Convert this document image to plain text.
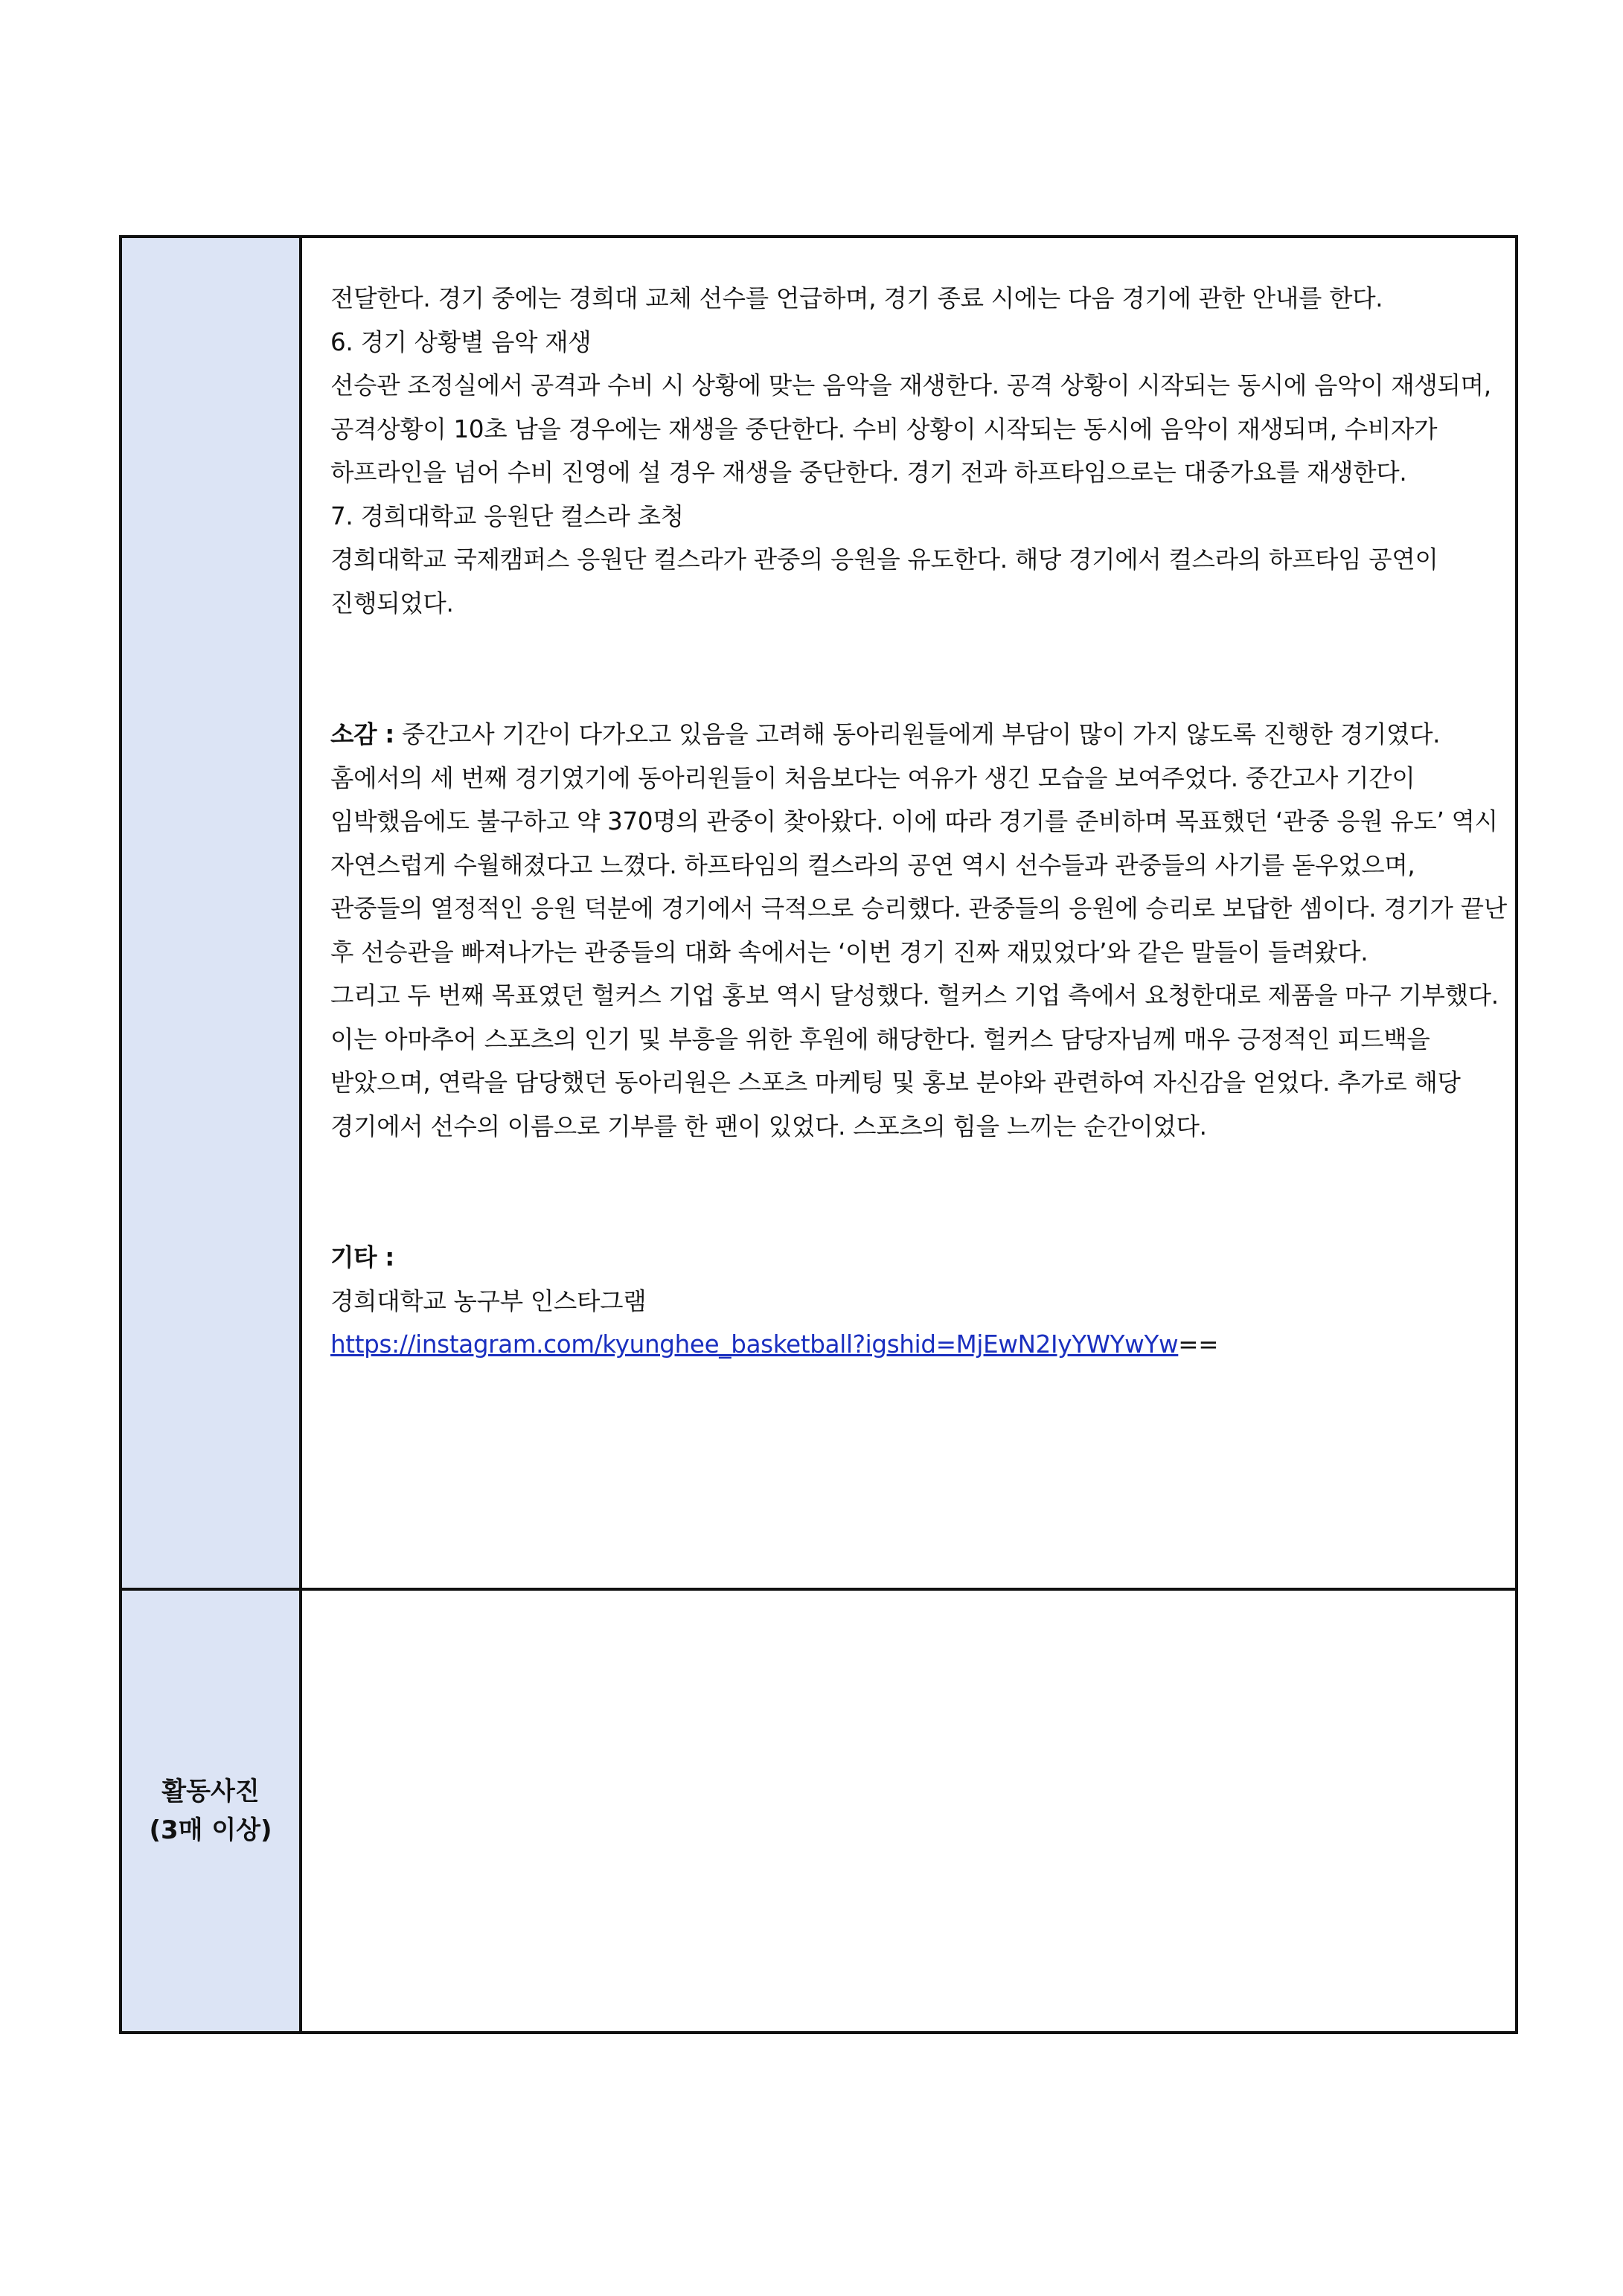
전달한다. 경기 중에는 경희대 교체 선수를 언급하며, 경기 종료 시에는 다음 경기에 관한 안내를 한다.

6. 경기 상황별 음악 재생

선승관 조정실에서 공격과 수비 시 상황에 맞는 음악을 재생한다. 공격 상황이 시작되는 동시에 음악이 재생되며, 공격상황이 10초 남을 경우에는 재생을 중단한다. 수비 상황이 시작되는 동시에 음악이 재생되며, 수비자가 하프라인을 넘어 수비 진영에 설 경우 재생을 중단한다. 경기 전과 하프타임으로는 대중가요를 재생한다.

7. 경희대학교 응원단 컬스라 초청

경희대학교 국제캠퍼스 응원단 컬스라가 관중의 응원을 유도한다. 해당 경기에서 컬스라의 하프타임 공연이 진행되었다.

소감 : 중간고사 기간이 다가오고 있음을 고려해 동아리원들에게 부담이 많이 가지 않도록 진행한 경기였다. 홈에서의 세 번째 경기였기에 동아리원들이 처음보다는 여유가 생긴 모습을 보여주었다. 중간고사 기간이 임박했음에도 불구하고 약 370명의 관중이 찾아왔다. 이에 따라 경기를 준비하며 목표했던 ‘관중 응원 유도’ 역시 자연스럽게 수월해졌다고 느꼈다. 하프타임의 컬스라의 공연 역시 선수들과 관중들의 사기를 돋우었으며, 관중들의 열정적인 응원 덕분에 경기에서 극적으로 승리했다. 관중들의 응원에 승리로 보답한 셈이다. 경기가 끝난 후 선승관을 빠져나가는 관중들의 대화 속에서는 ‘이번 경기 진짜 재밌었다’와 같은 말들이 들려왔다.

그리고 두 번째 목표였던 헐커스 기업 홍보 역시 달성했다. 헐커스 기업 측에서 요청한대로 제품을 마구 기부했다. 이는 아마추어 스포츠의 인기 및 부흥을 위한 후원에 해당한다. 헐커스 담당자님께 매우 긍정적인 피드백을 받았으며, 연락을 담당했던 동아리원은 스포츠 마케팅 및 홍보 분야와 관련하여 자신감을 얻었다. 추가로 해당 경기에서 선수의 이름으로 기부를 한 팬이 있었다. 스포츠의 힘을 느끼는 순간이었다.

기타 :

경희대학교 농구부 인스타그램

https://instagram.com/kyunghee_basketball?igshid=MjEwN2IyYWYwYw==

활동사진
(3매 이상)
